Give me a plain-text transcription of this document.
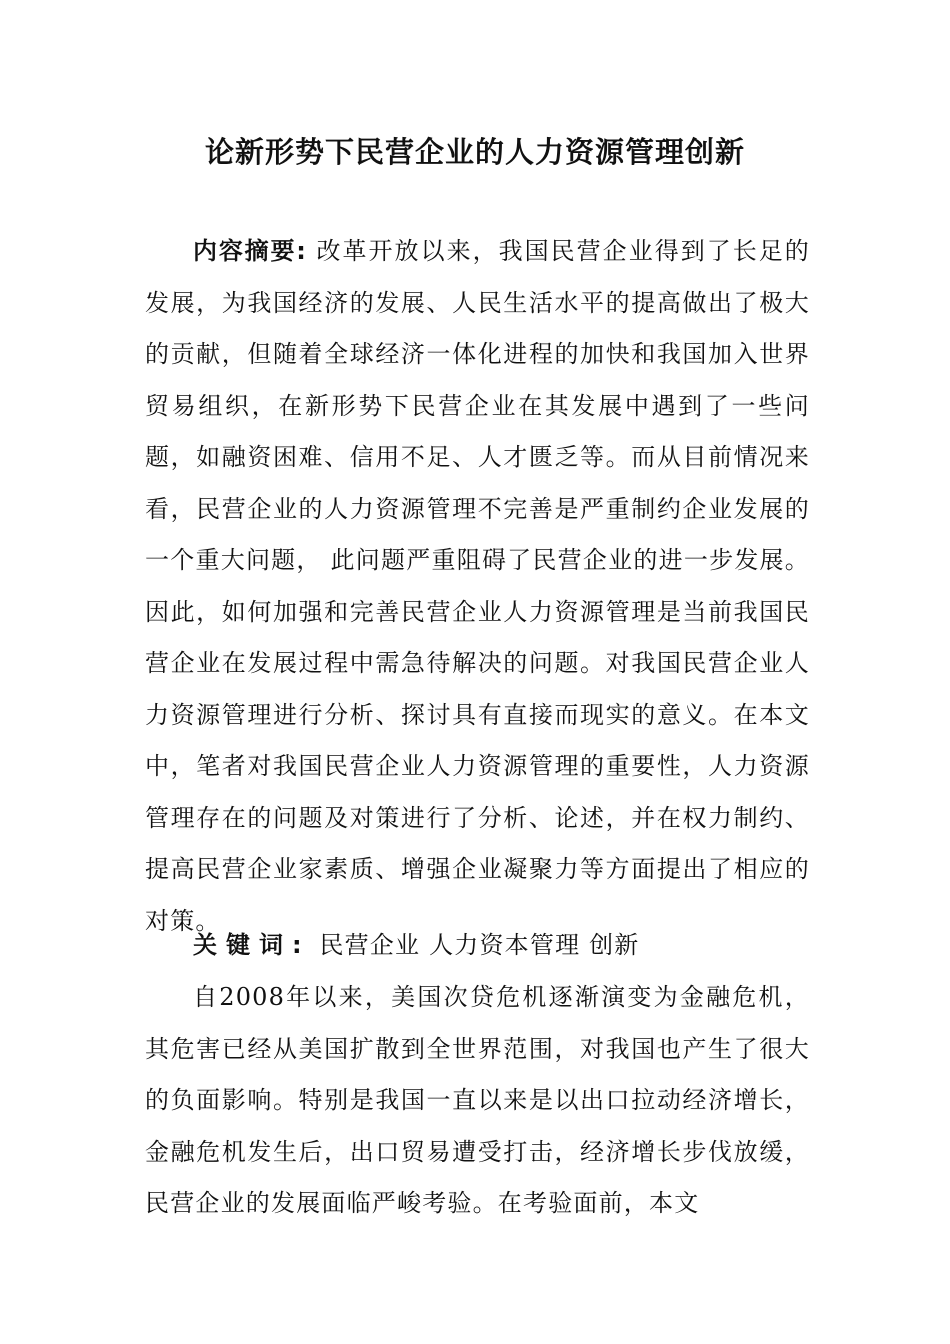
论新形势下民营企业的人力资源管理创新

内容摘要: 改革开放以来，我国民营企业得到了长足的发展，为我国经济的发展、人民生活水平的提高做出了极大的贡献，但随着全球经济一体化进程的加快和我国加入世界贸易组织，在新形势下民营企业在其发展中遇到了一些问题，如融资困难、信用不足、人才匮乏等。而从目前情况来看，民营企业的人力资源管理不完善是严重制约企业发展的一个重大问题， 此问题严重阻碍了民营企业的进一步发展。因此，如何加强和完善民营企业人力资源管理是当前我国民营企业在发展过程中需急待解决的问题。对我国民营企业人力资源管理进行分析、探讨具有直接而现实的意义。在本文中，笔者对我国民营企业人力资源管理的重要性，人力资源管理存在的问题及对策进行了分析、论述，并在权力制约、提高民营企业家素质、增强企业凝聚力等方面提出了相应的对策。

关键词: 民营企业 人力资本管理 创新

自2008年以来，美国次贷危机逐渐演变为金融危机，其危害已经从美国扩散到全世界范围，对我国也产生了很大的负面影响。特别是我国一直以来是以出口拉动经济增长，金融危机发生后，出口贸易遭受打击，经济增长步伐放缓，民营企业的发展面临严峻考验。在考验面前，本文
